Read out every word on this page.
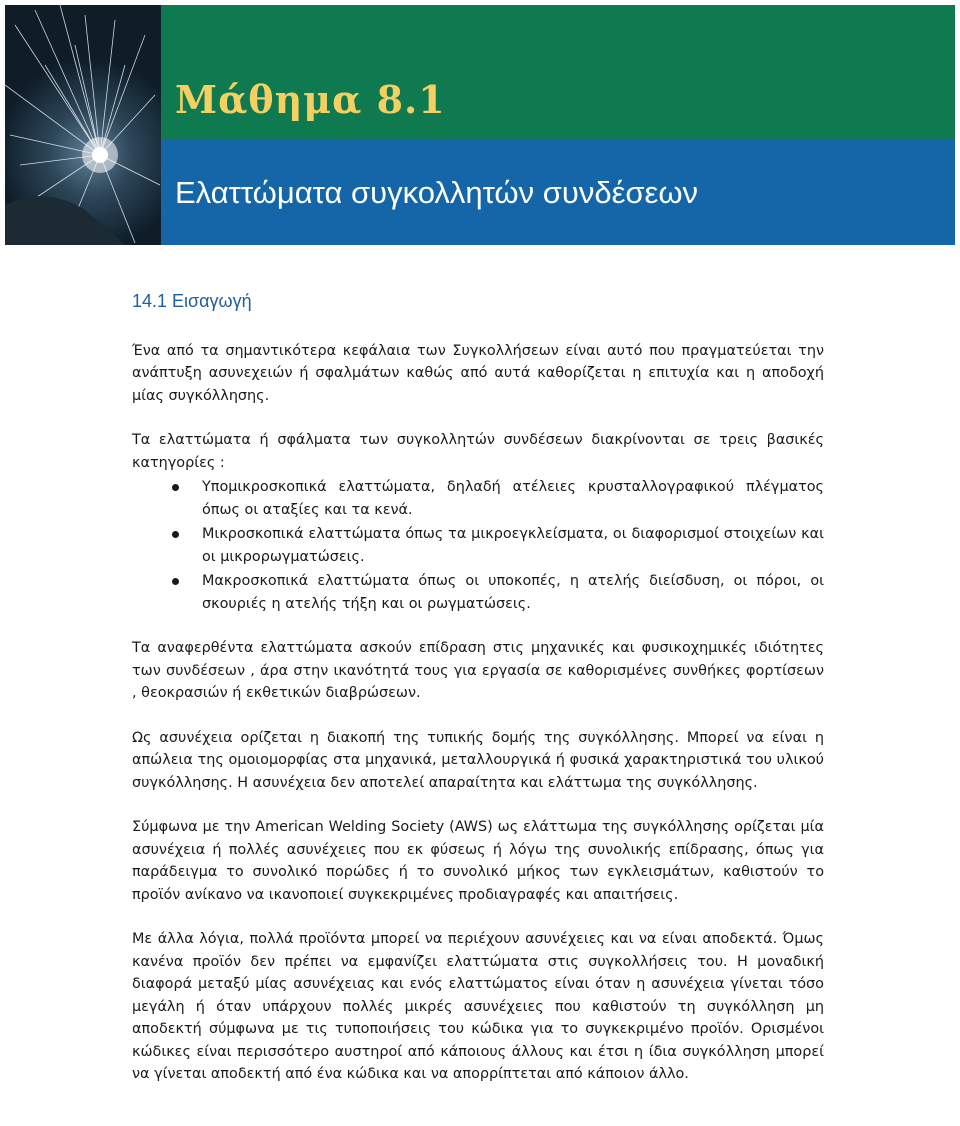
Μάθημα 8.1
Ελαττώματα συγκολλητών συνδέσεων
14.1 Εισαγωγή

Ένα από τα σημαντικότερα κεφάλαια των Συγκολλήσεων είναι αυτό που πραγματεύεται την ανάπτυξη ασυνεχειών ή σφαλμάτων καθώς από αυτά καθορίζεται η επιτυχία και η αποδοχή μίας συγκόλλησης.

Τα ελαττώματα ή σφάλματα των συγκολλητών συνδέσεων διακρίνονται σε τρεις βασικές κατηγορίες :

Υπομικροσκοπικά ελαττώματα, δηλαδή ατέλειες κρυσταλλογραφικού πλέγματος όπως οι αταξίες και τα κενά.
Μικροσκοπικά ελαττώματα όπως τα μικροεγκλείσματα, οι διαφορισμοί στοιχείων και οι μικρορωγματώσεις.
Μακροσκοπικά ελαττώματα όπως οι υποκοπές, η ατελής διείσδυση, οι πόροι, οι σκουριές η ατελής τήξη και οι ρωγματώσεις.

Τα αναφερθέντα ελαττώματα ασκούν επίδραση στις μηχανικές και φυσικοχημικές ιδιότητες των συνδέσεων , άρα στην ικανότητά τους για εργασία σε καθορισμένες συνθήκες φορτίσεων , θεοκρασιών ή εκθετικών διαβρώσεων.

Ως ασυνέχεια ορίζεται η διακοπή της τυπικής δομής της συγκόλλησης. Μπορεί να είναι η απώλεια της ομοιομορφίας στα μηχανικά, μεταλλουργικά ή φυσικά χαρακτηριστικά του υλικού συγκόλλησης. Η ασυνέχεια δεν αποτελεί απαραίτητα και ελάττωμα της συγκόλλησης.

Σύμφωνα με την American Welding Society (AWS) ως ελάττωμα της συγκόλλησης ορίζεται μία ασυνέχεια ή πολλές ασυνέχειες που εκ φύσεως ή λόγω της συνολικής επίδρασης, όπως για παράδειγμα το συνολικό πορώδες ή το συνολικό μήκος των εγκλεισμάτων, καθιστούν το προϊόν ανίκανο να ικανοποιεί συγκεκριμένες προδιαγραφές και απαιτήσεις.

Με άλλα λόγια, πολλά προϊόντα μπορεί να περιέχουν ασυνέχειες και να είναι αποδεκτά. Όμως κανένα προϊόν δεν πρέπει να εμφανίζει ελαττώματα στις συγκολλήσεις του. Η μοναδική διαφορά μεταξύ μίας ασυνέχειας και ενός ελαττώματος είναι όταν η ασυνέχεια γίνεται τόσο μεγάλη ή όταν υπάρχουν πολλές μικρές ασυνέχειες που καθιστούν τη συγκόλληση μη αποδεκτή σύμφωνα με τις τυποποιήσεις του κώδικα για το συγκεκριμένο προϊόν. Ορισμένοι κώδικες είναι περισσότερο αυστηροί από κάποιους άλλους και έτσι η ίδια συγκόλληση μπορεί να γίνεται αποδεκτή από ένα κώδικα και να απορρίπτεται από κάποιον άλλο.
